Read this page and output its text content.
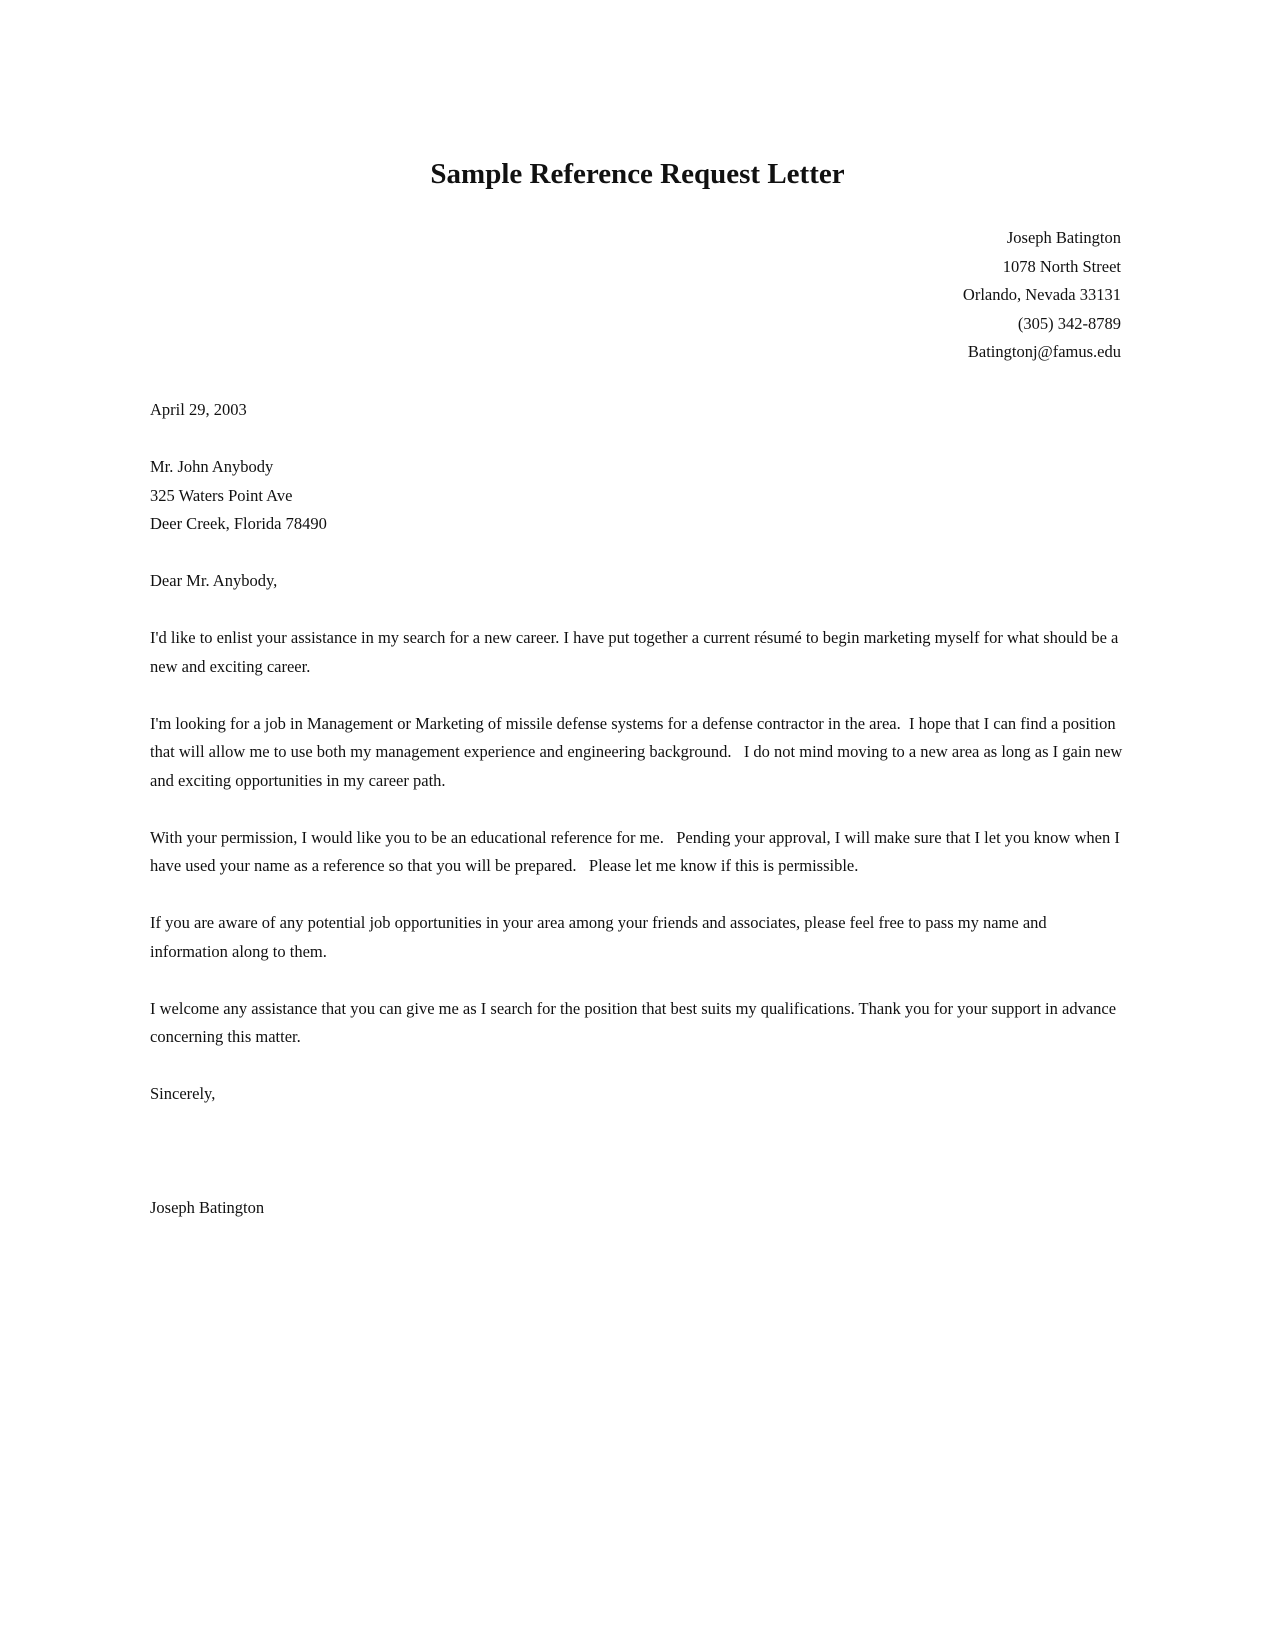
Sample Reference Request Letter
Joseph Batington
1078 North Street
Orlando, Nevada 33131
(305) 342-8789
Batingtonj@famus.edu
April 29, 2003
Mr. John Anybody
325 Waters Point Ave
Deer Creek, Florida 78490
Dear Mr. Anybody,

I'd like to enlist your assistance in my search for a new career. I have put together a current résumé to begin marketing myself for what should be a new and exciting career.

I'm looking for a job in Management or Marketing of missile defense systems for a defense contractor in the area.  I hope that I can find a position that will allow me to use both my management experience and engineering background.   I do not mind moving to a new area as long as I gain new and exciting opportunities in my career path.

With your permission, I would like you to be an educational reference for me.   Pending your approval, I will make sure that I let you know when I have used your name as a reference so that you will be prepared.   Please let me know if this is permissible.

If you are aware of any potential job opportunities in your area among your friends and associates, please feel free to pass my name and information along to them.

I welcome any assistance that you can give me as I search for the position that best suits my qualifications. Thank you for your support in advance concerning this matter.

Sincerely,
Joseph Batington
